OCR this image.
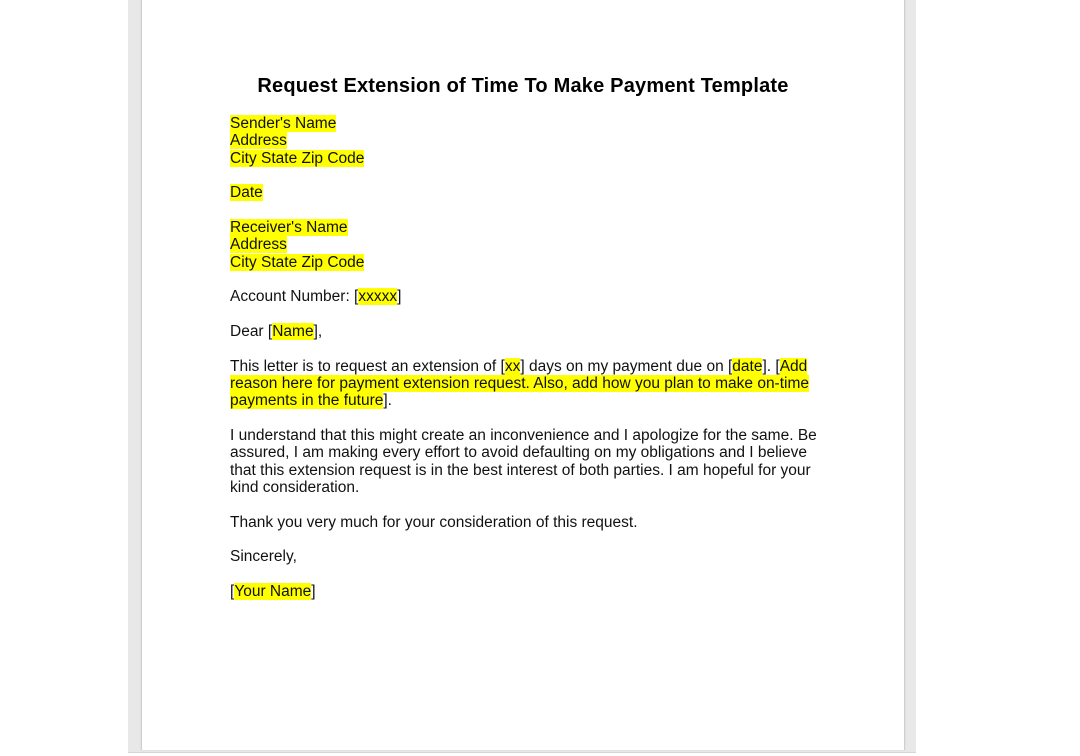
Request Extension of Time To Make Payment Template
Sender's Name
Address
City State Zip Code
Date
Receiver's Name
Address
City State Zip Code
Account Number: [xxxxx]
Dear [Name],
This letter is to request an extension of [xx] days on my payment due on [date]. [Add
reason here for payment extension request. Also, add how you plan to make on-time
payments in the future].
I understand that this might create an inconvenience and I apologize for the same. Be
assured, I am making every effort to avoid defaulting on my obligations and I believe
that this extension request is in the best interest of both parties. I am hopeful for your
kind consideration.
Thank you very much for your consideration of this request.
Sincerely,
[Your Name]
